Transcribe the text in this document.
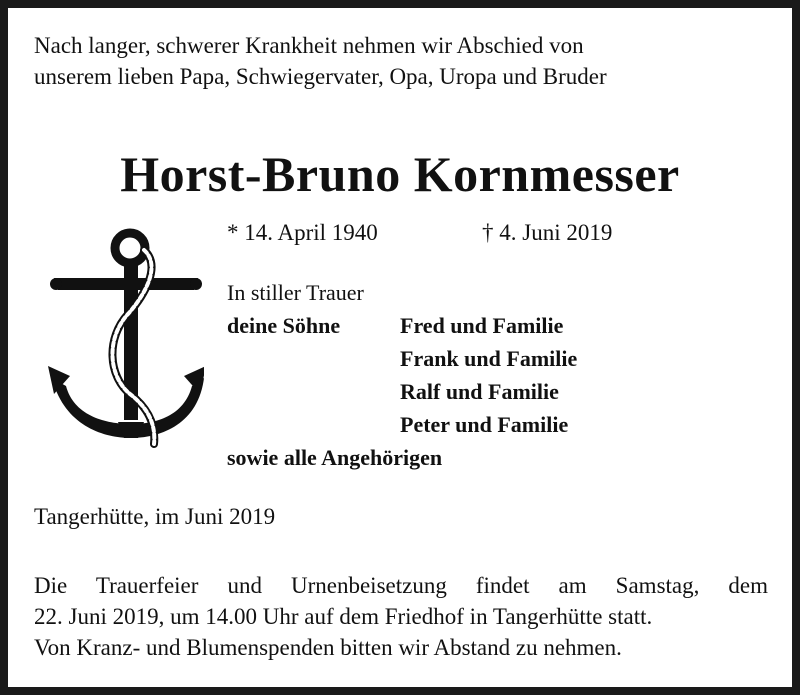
Nach langer, schwerer Krankheit nehmen wir Abschied von
unserem lieben Papa, Schwiegervater, Opa, Uropa und Bruder
Horst-Bruno Kornmesser
* 14. April 1940	† 4. Juni 2019
In stiller Trauer
deine Söhne	Fred und Familie
Frank und Familie
Ralf und Familie
Peter und Familie
sowie alle Angehörigen
Tangerhütte, im Juni 2019
Die Trauerfeier und Urnenbeisetzung findet am Samstag, dem
22. Juni 2019, um 14.00 Uhr auf dem Friedhof in Tangerhütte statt.
Von Kranz- und Blumenspenden bitten wir Abstand zu nehmen.
